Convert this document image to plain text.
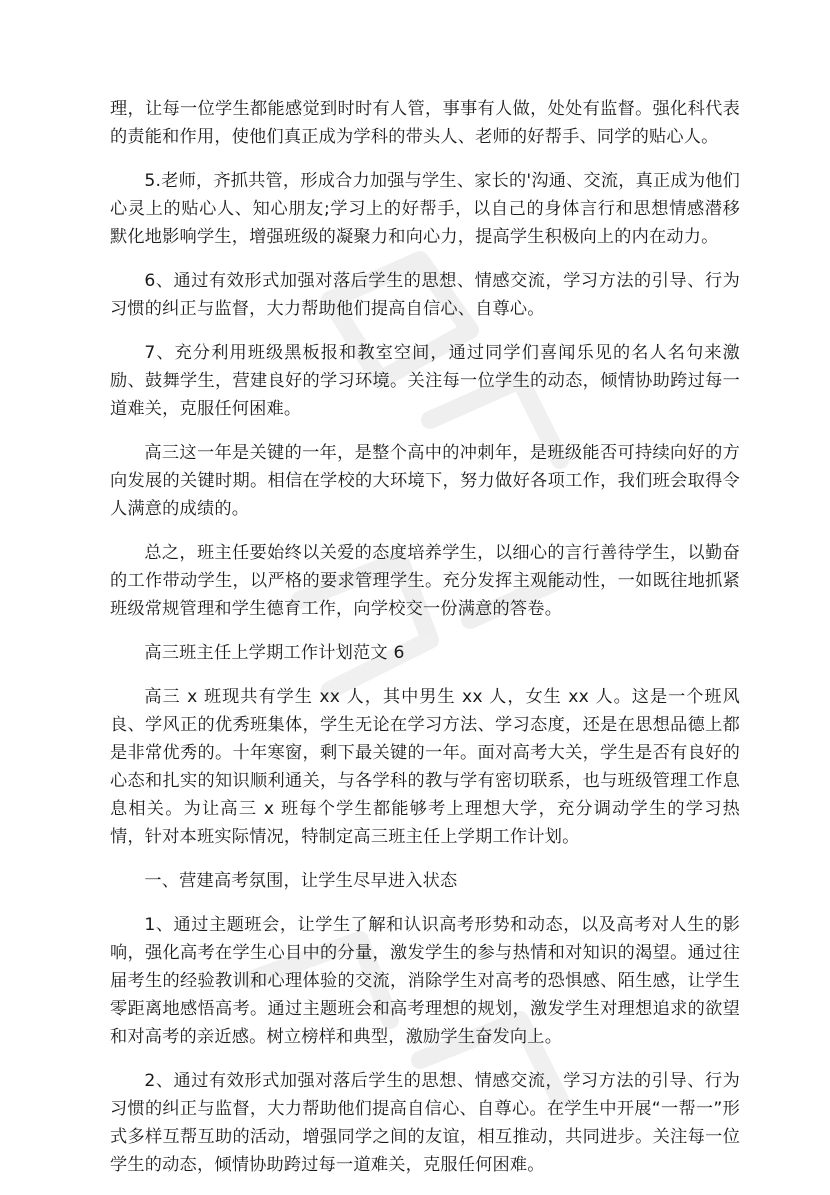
理，让每一位学生都能感觉到时时有人管，事事有人做，处处有监督。强化科代表的责能和作用，使他们真正成为学科的带头人、老师的好帮手、同学的贴心人。

5.老师，齐抓共管，形成合力加强与学生、家长的'沟通、交流，真正成为他们心灵上的贴心人、知心朋友;学习上的好帮手，以自己的身体言行和思想情感潜移默化地影响学生，增强班级的凝聚力和向心力，提高学生积极向上的内在动力。

6、通过有效形式加强对落后学生的思想、情感交流，学习方法的引导、行为习惯的纠正与监督，大力帮助他们提高自信心、自尊心。

7、充分利用班级黑板报和教室空间，通过同学们喜闻乐见的名人名句来激励、鼓舞学生，营建良好的学习环境。关注每一位学生的动态，倾情协助跨过每一道难关，克服任何困难。

高三这一年是关键的一年，是整个高中的冲刺年，是班级能否可持续向好的方向发展的关键时期。相信在学校的大环境下，努力做好各项工作，我们班会取得令人满意的成绩的。

总之，班主任要始终以关爱的态度培养学生，以细心的言行善待学生，以勤奋的工作带动学生，以严格的要求管理学生。充分发挥主观能动性，一如既往地抓紧班级常规管理和学生德育工作，向学校交一份满意的答卷。

高三班主任上学期工作计划范文 6

高三 x 班现共有学生 xx 人，其中男生 xx 人，女生 xx 人。这是一个班风良、学风正的优秀班集体，学生无论在学习方法、学习态度，还是在思想品德上都是非常优秀的。十年寒窗，剩下最关键的一年。面对高考大关，学生是否有良好的心态和扎实的知识顺利通关，与各学科的教与学有密切联系，也与班级管理工作息息相关。为让高三 x 班每个学生都能够考上理想大学，充分调动学生的学习热情，针对本班实际情况，特制定高三班主任上学期工作计划。

一、营建高考氛围，让学生尽早进入状态

1、通过主题班会，让学生了解和认识高考形势和动态，以及高考对人生的影响，强化高考在学生心目中的分量，激发学生的参与热情和对知识的渴望。通过往届考生的经验教训和心理体验的交流，消除学生对高考的恐惧感、陌生感，让学生零距离地感悟高考。通过主题班会和高考理想的规划，激发学生对理想追求的欲望和对高考的亲近感。树立榜样和典型，激励学生奋发向上。

2、通过有效形式加强对落后学生的思想、情感交流，学习方法的引导、行为习惯的纠正与监督，大力帮助他们提高自信心、自尊心。在学生中开展“一帮一”形式多样互帮互助的活动，增强同学之间的友谊，相互推动，共同进步。关注每一位学生的动态，倾情协助跨过每一道难关，克服任何困难。
